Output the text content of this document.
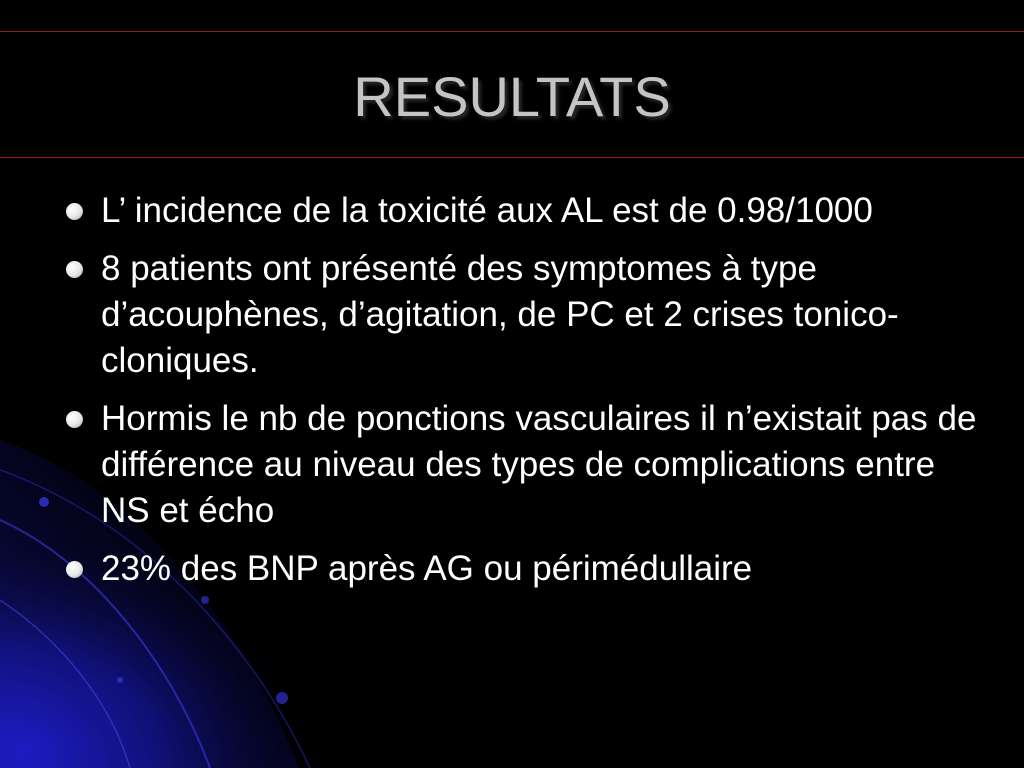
RESULTATS
L’ incidence de la toxicité aux AL est de 0.98/1000
8 patients ont présenté des symptomes à type d’acouphènes, d’agitation, de PC et 2 crises tonico-cloniques.
Hormis le nb de ponctions vasculaires il n’existait pas de différence au niveau des types de complications entre NS et écho
23% des BNP après AG ou périmédullaire
